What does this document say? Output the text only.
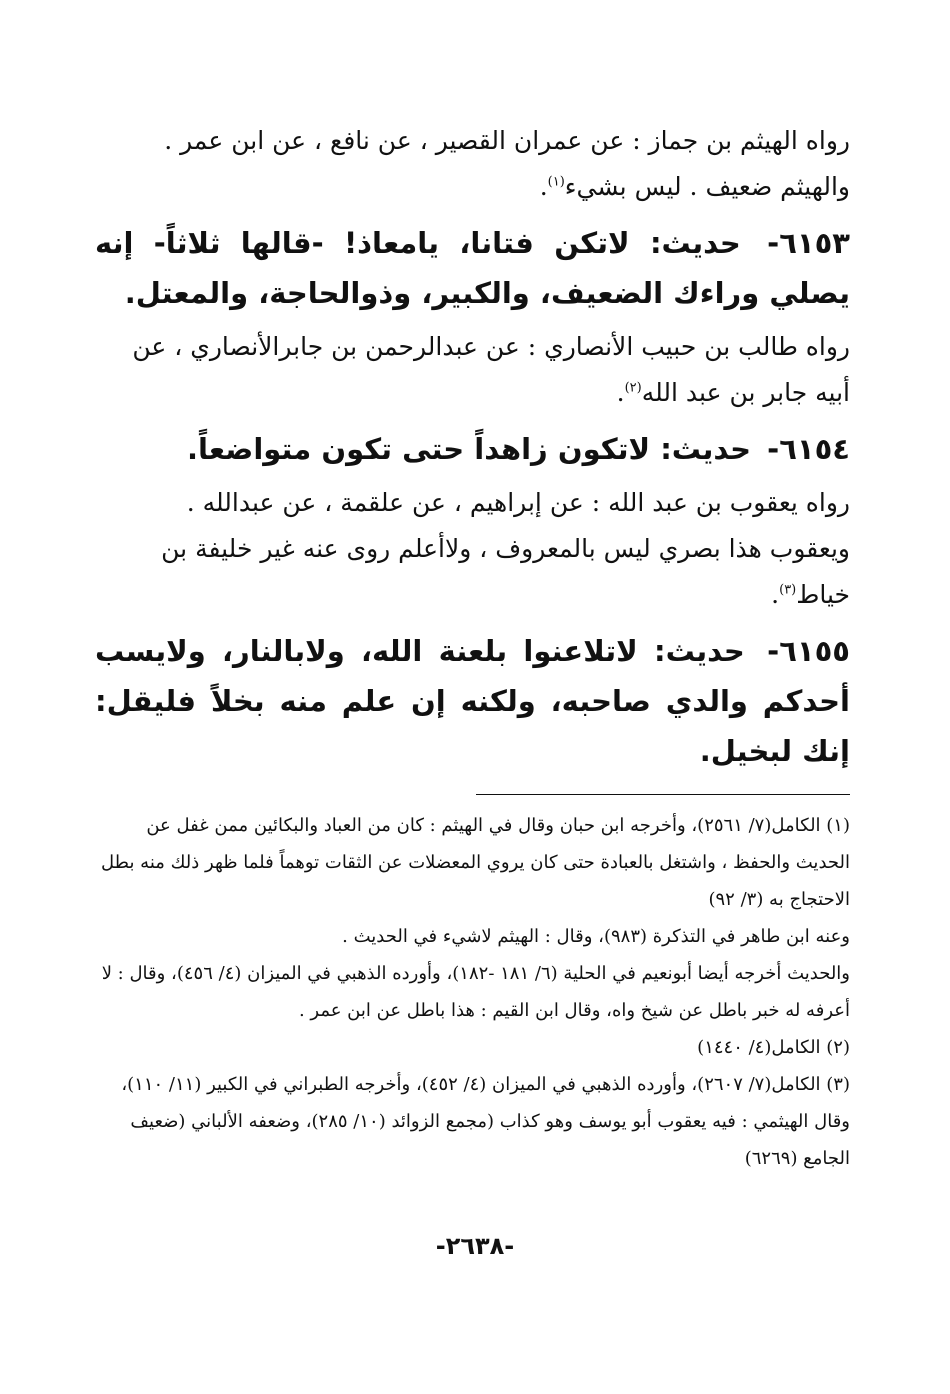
رواه الهيثم بن جماز : عن عمران القصير ، عن نافع ، عن ابن عمر .

والهيثم ضعيف . ليس بشيء$^{(١)}$.

٦١٥٣- حديث: لاتكن فتانا، يامعاذ! -قالها ثلاثاً- إنه يصلي وراءك الضعيف، والكبير، وذوالحاجة، والمعتل.

رواه طالب بن حبيب الأنصاري : عن عبدالرحمن بن جابرالأنصاري ، عن أبيه جابر بن عبد الله$^{(٢)}$.

٦١٥٤- حديث: لاتكون زاهداً حتى تكون متواضعاً.

رواه يعقوب بن عبد الله : عن إبراهيم ، عن علقمة ، عن عبدالله .

ويعقوب هذا بصري ليس بالمعروف ، ولاأعلم روى عنه غير خليفة بن خياط$^{(٣)}$.

٦١٥٥- حديث: لاتلاعنوا بلعنة الله، ولابالنار، ولايسب أحدكم والدي صاحبه، ولكنه إن علم منه بخلاً فليقل: إنك لبخيل.

(١) الكامل(٧/ ٢٥٦١)، وأخرجه ابن حبان وقال في الهيثم : كان من العباد والبكائين ممن غفل عن الحديث والحفظ ، واشتغل بالعبادة حتى كان يروي المعضلات عن الثقات توهماً فلما ظهر ذلك منه بطل الاحتجاج به (٣/ ٩٢)

وعنه ابن طاهر في التذكرة (٩٨٣)، وقال : الهيثم لاشيء في الحديث .

والحديث أخرجه أيضا أبونعيم في الحلية (٦/ ١٨١ -١٨٢)، وأورده الذهبي في الميزان (٤/ ٤٥٦)، وقال : لا أعرفه له خبر باطل عن شيخ واه، وقال ابن القيم : هذا باطل عن ابن عمر .

(٢) الكامل(٤/ ١٤٤٠)

(٣) الكامل(٧/ ٢٦٠٧)، وأورده الذهبي في الميزان (٤/ ٤٥٢)، وأخرجه الطبراني في الكبير (١١/ ١١٠)، وقال الهيثمي : فيه يعقوب أبو يوسف وهو كذاب (مجمع الزوائد (١٠/ ٢٨٥)، وضعفه الألباني (ضعيف الجامع (٦٢٦٩)

-٢٦٣٨-
